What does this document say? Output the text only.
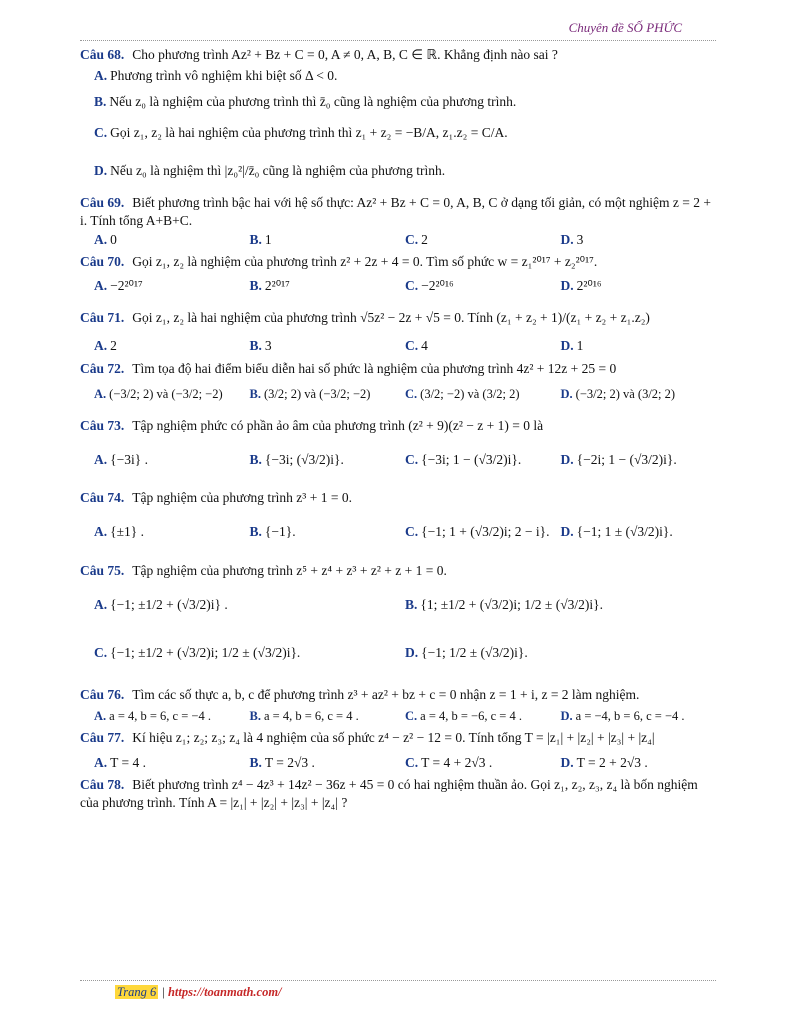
Chuyên đề SỐ PHỨC

Câu 68. Cho phương trình Az² + Bz + C = 0, A ≠ 0, A, B, C ∈ ℝ. Khẳng định nào sai ?

A. Phương trình vô nghiệm khi biệt số Δ < 0.
B. Nếu z₀ là nghiệm của phương trình thì z̄₀ cũng là nghiệm của phương trình.
C. Gọi z₁, z₂ là hai nghiệm của phương trình thì z₁ + z₂ = −B/A, z₁.z₂ = C/A.
D. Nếu z₀ là nghiệm thì |z₀²|/z̄₀ cũng là nghiệm của phương trình.

Câu 69. Biết phương trình bậc hai với hệ số thực: Az² + Bz + C = 0, A, B, C ở dạng tối giản, có một nghiệm z = 2 + i. Tính tổng A+B+C.

A. 0	B. 1	C. 2	D. 3

Câu 70. Gọi z₁, z₂ là nghiệm của phương trình z² + 2z + 4 = 0. Tìm số phức w = z₁²⁰¹⁷ + z₂²⁰¹⁷.

A. −2²⁰¹⁷	B. 2²⁰¹⁷	C. −2²⁰¹⁶	D. 2²⁰¹⁶

Câu 71. Gọi z₁, z₂ là hai nghiệm của phương trình √5z² − 2z + √5 = 0. Tính (z₁ + z₂ + 1)/(z₁ + z₂ + z₁.z₂)

A. 2	B. 3	C. 4	D. 1

Câu 72. Tìm tọa độ hai điểm biểu diễn hai số phức là nghiệm của phương trình 4z² + 12z + 25 = 0

A. (−3/2; 2) và (−3/2; −2)	B. (3/2; 2) và (−3/2; −2)	C. (3/2; −2) và (3/2; 2)	D. (−3/2; 2) và (3/2; 2)

Câu 73. Tập nghiệm phức có phần ảo âm của phương trình (z² + 9)(z² − z + 1) = 0 là

A. {−3i} .	B. {−3i; (√3/2)i}.	C. {−3i; 1 − (√3/2)i}.	D. {−2i; 1 − (√3/2)i}.

Câu 74. Tập nghiệm của phương trình z³ + 1 = 0.

A. {±1} .	B. {−1}.	C. {−1; 1 + (√3/2)i; 2 − i}. D. {−1; 1 ± (√3/2)i}.

Câu 75. Tập nghiệm của phương trình z⁵ + z⁴ + z³ + z² + z + 1 = 0.

A. {−1; ±1/2 + (√3/2)i} .	B. {1; ±1/2 + (√3/2)i; 1/2 ± (√3/2)i}.
C. {−1; ±1/2 + (√3/2)i; 1/2 ± (√3/2)i}.	D. {−1; 1/2 ± (√3/2)i}.

Câu 76. Tìm các số thực a, b, c để phương trình z³ + az² + bz + c = 0 nhận z = 1 + i, z = 2 làm nghiệm.

A. a = 4, b = 6, c = −4 .	B. a = 4, b = 6, c = 4 .	C. a = 4, b = −6, c = 4 .	D. a = −4, b = 6, c = −4 .

Câu 77. Kí hiệu z₁; z₂; z₃; z₄ là 4 nghiệm của số phức z⁴ − z² − 12 = 0. Tính tổng T = |z₁| + |z₂| + |z₃| + |z₄|

A. T = 4 .	B. T = 2√3 .	C. T = 4 + 2√3 .	D. T = 2 + 2√3 .

Câu 78. Biết phương trình z⁴ − 4z³ + 14z² − 36z + 45 = 0 có hai nghiệm thuần ảo. Gọi z₁, z₂, z₃, z₄ là bốn nghiệm của phương trình. Tính A = |z₁| + |z₂| + |z₃| + |z₄| ?

Trang 6 | https://toanmath.com/
